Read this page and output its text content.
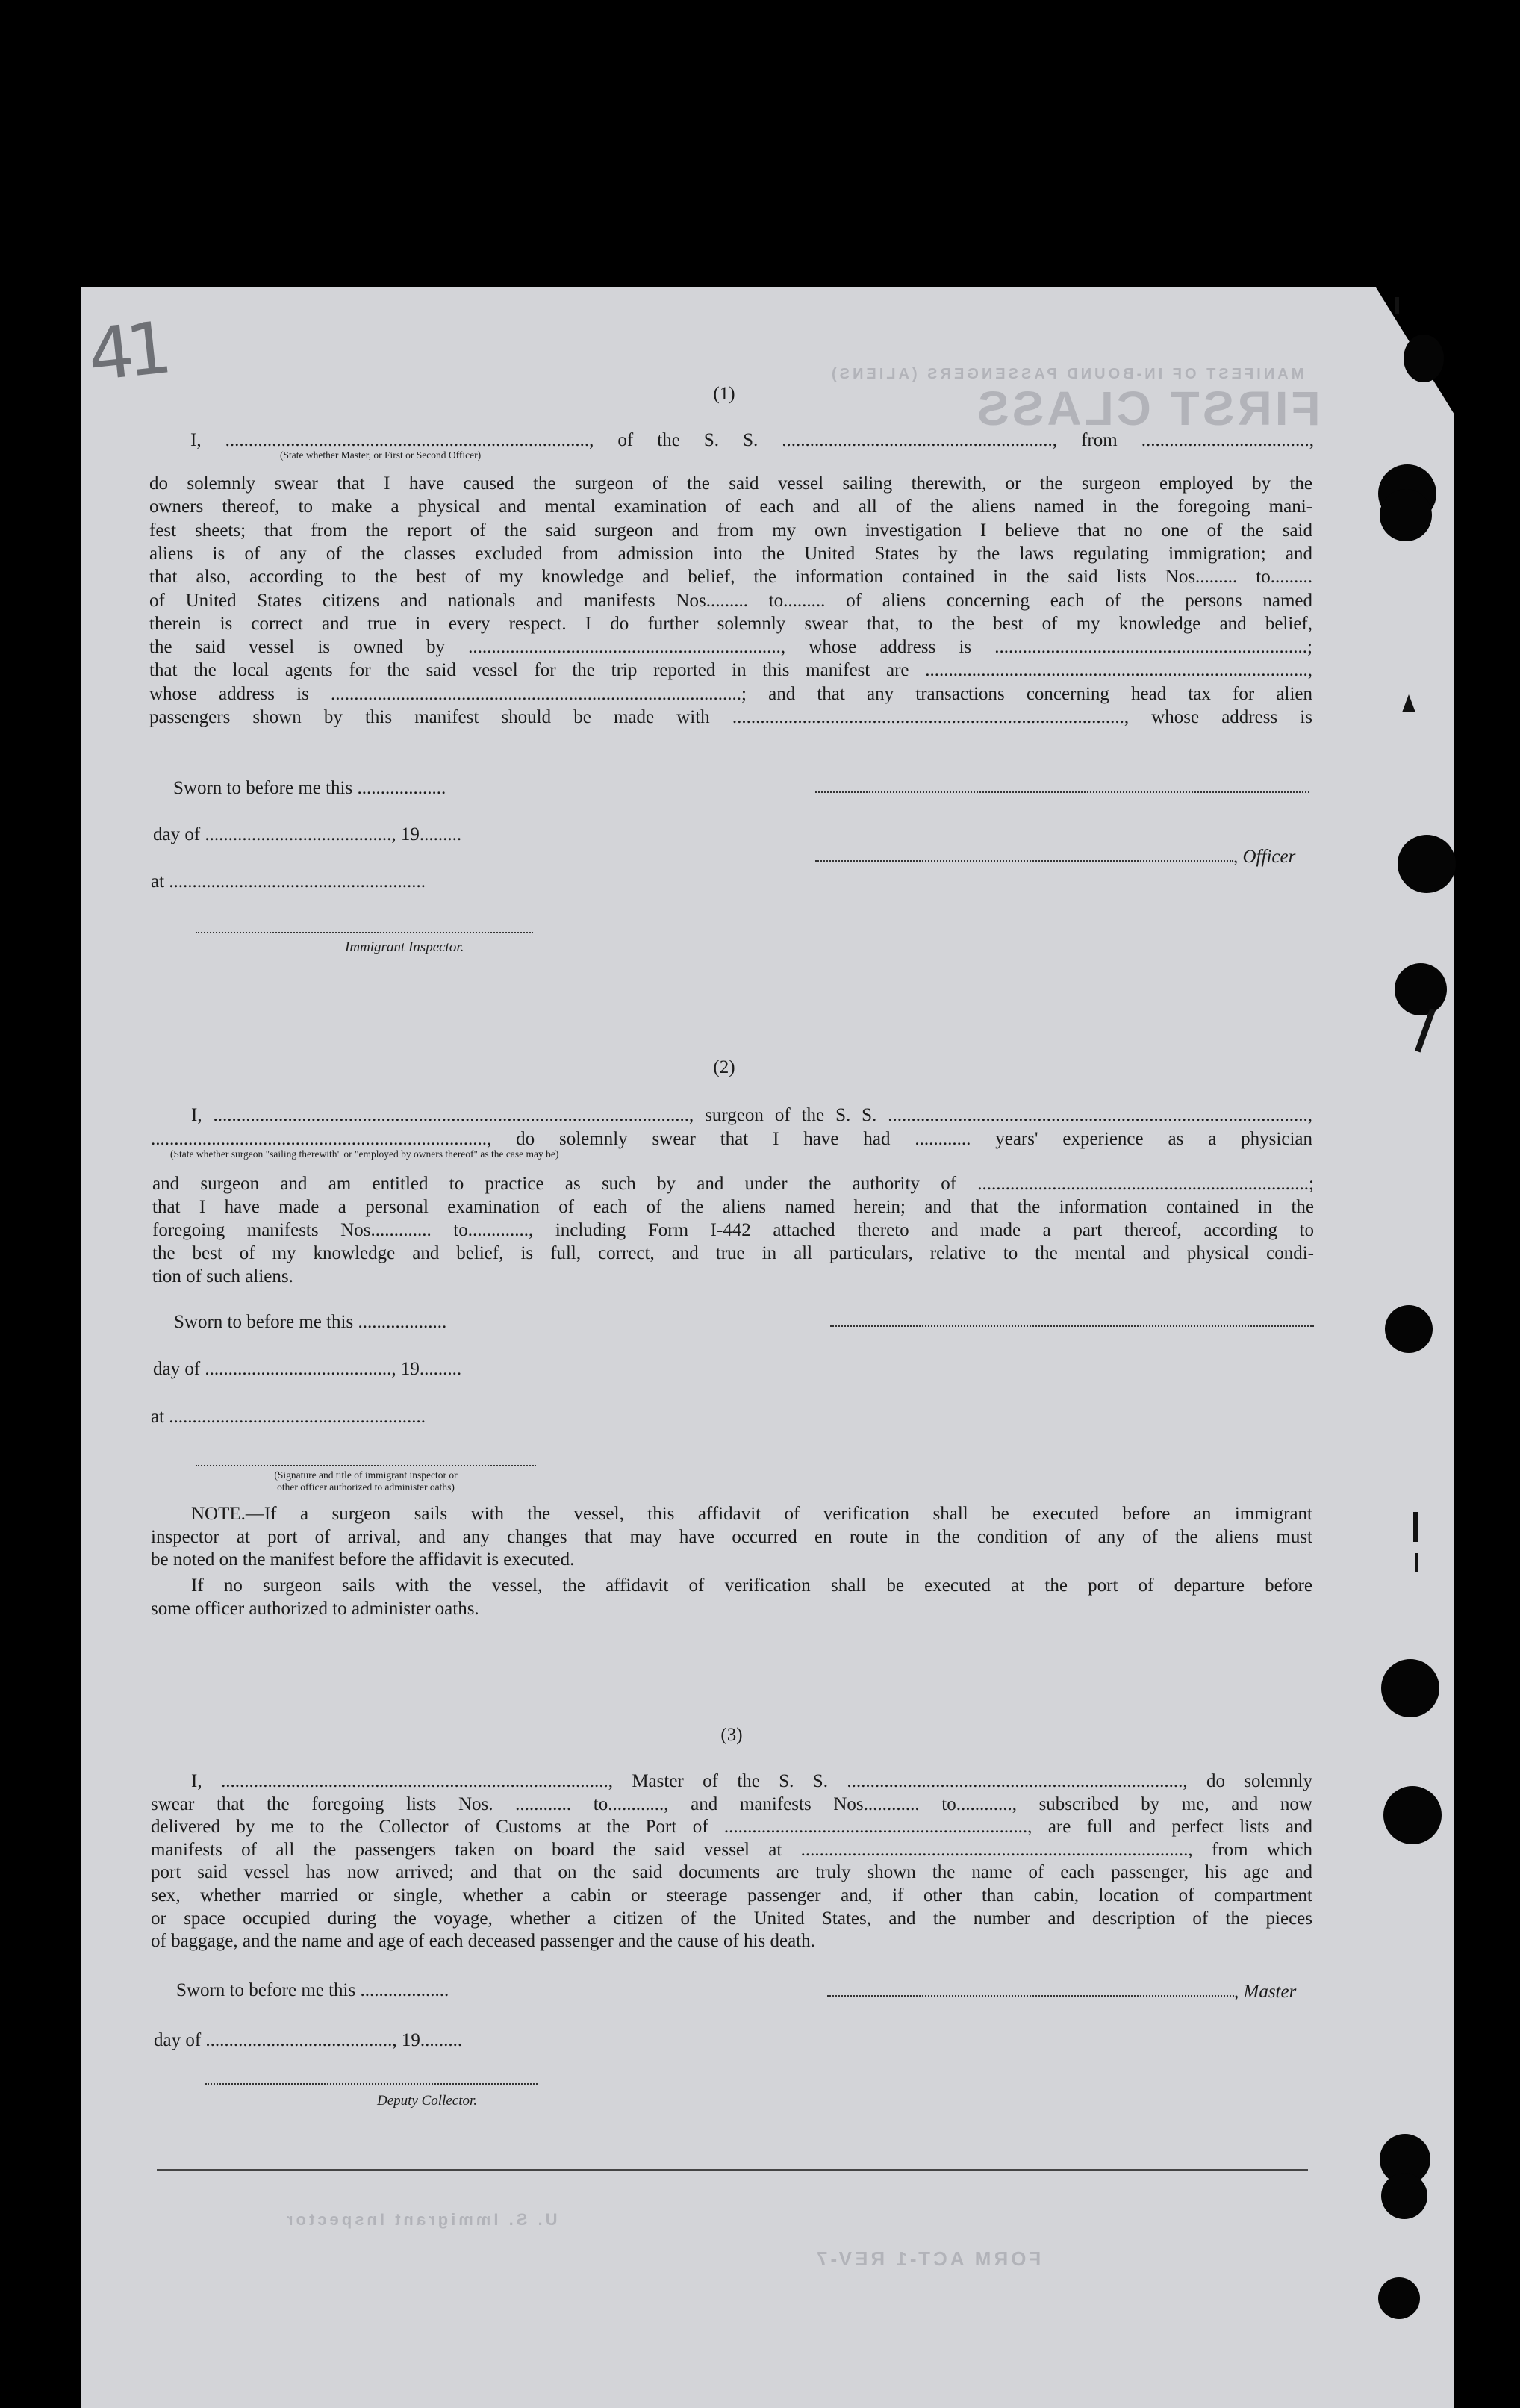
FIRST CLASS
MANIFEST OF IN-BOUND PASSENGERS (ALIENS)
U. S. Immigrant Inspector
FORM ACT-1 REV-7
41	(1)
I, .............................................................................., of the S. S. .........................................................., from ....................................,
(State whether Master, or First or Second Officer)
do solemnly swear that I have caused the surgeon of the said vessel sailing therewith, or the surgeon employed by the
owners thereof, to make a physical and mental examination of each and all of the aliens named in the foregoing mani-
fest sheets; that from the report of the said surgeon and from my own investigation I believe that no one of the said
aliens is of any of the classes excluded from admission into the United States by the laws regulating immigration; and
that also, according to the best of my knowledge and belief, the information contained in the said lists Nos......... to.........
of United States citizens and nationals and manifests Nos......... to......... of aliens concerning each of the persons named
therein is correct and true in every respect. I do further solemnly swear that, to the best of my knowledge and belief,
the said vessel is owned by ..................................................................., whose address is ...................................................................;
that the local agents for the said vessel for the trip reported in this manifest are ..................................................................................,
whose address is ........................................................................................; and that any transactions concerning head tax for alien
passengers shown by this manifest should be made with ...................................................................................., whose address is
Sworn to before me this ...................
day of ........................................, 19.........
at .......................................................
Immigrant Inspector.
, Officer
(2)
I, ......................................................................................................, surgeon of the S. S. ..........................................................................................,
........................................................................, do solemnly swear that I have had ............ years' experience as a physician
(State whether surgeon "sailing therewith" or "employed by owners thereof" as the case may be)
and surgeon and am entitled to practice as such by and under the authority of .......................................................................;
that I have made a personal examination of each of the aliens named herein; and that the information contained in the
foregoing manifests Nos............. to............., including Form I-442 attached thereto and made a part thereof, according to
the best of my knowledge and belief, is full, correct, and true in all particulars, relative to the mental and physical condi-
tion of such aliens.
Sworn to before me this ...................
day of ........................................, 19.........
at .......................................................
(Signature and title of immigrant inspector or
other officer authorized to administer oaths)
NOTE.—If a surgeon sails with the vessel, this affidavit of verification shall be executed before an immigrant
inspector at port of arrival, and any changes that may have occurred en route in the condition of any of the aliens must
be noted on the manifest before the affidavit is executed.
If no surgeon sails with the vessel, the affidavit of verification shall be executed at the port of departure before
some officer authorized to administer oaths.
(3)
I, ..................................................................................., Master of the S. S. ........................................................................, do solemnly
swear that the foregoing lists Nos. ............ to............, and manifests Nos............ to............, subscribed by me, and now
delivered by me to the Collector of Customs at the Port of ................................................................., are full and perfect lists and
manifests of all the passengers taken on board the said vessel at ..................................................................................., from which
port said vessel has now arrived; and that on the said documents are truly shown the name of each passenger, his age and
sex, whether married or single, whether a cabin or steerage passenger and, if other than cabin, location of compartment
or space occupied during the voyage, whether a citizen of the United States, and the number and description of the pieces
of baggage, and the name and age of each deceased passenger and the cause of his death.
Sworn to before me this ...................	, Master
day of ........................................, 19.........
Deputy Collector.
